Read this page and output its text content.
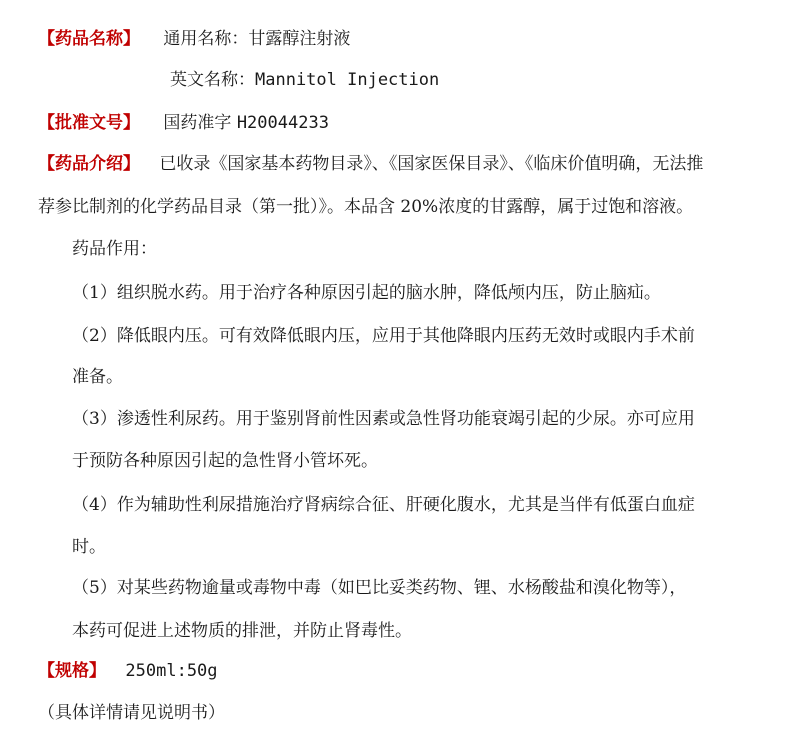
【药品名称】 通用名称：甘露醇注射液
英文名称：Mannitol Injection
【批准文号】 国药准字 H20044233
【药品介绍】 已收录《国家基本药物目录》、《国家医保目录》、《临床价值明确，无法推
荐参比制剂的化学药品目录（第一批）》。本品含 20%浓度的甘露醇，属于过饱和溶液。
药品作用：
（1）组织脱水药。用于治疗各种原因引起的脑水肿，降低颅内压，防止脑疝。
（2）降低眼内压。可有效降低眼内压，应用于其他降眼内压药无效时或眼内手术前
准备。
（3）渗透性利尿药。用于鉴别肾前性因素或急性肾功能衰竭引起的少尿。亦可应用
于预防各种原因引起的急性肾小管坏死。
（4）作为辅助性利尿措施治疗肾病综合征、肝硬化腹水，尤其是当伴有低蛋白血症
时。
（5）对某些药物逾量或毒物中毒（如巴比妥类药物、锂、水杨酸盐和溴化物等），
本药可促进上述物质的排泄，并防止肾毒性。
【规格】 250ml:50g
（具体详情请见说明书）
